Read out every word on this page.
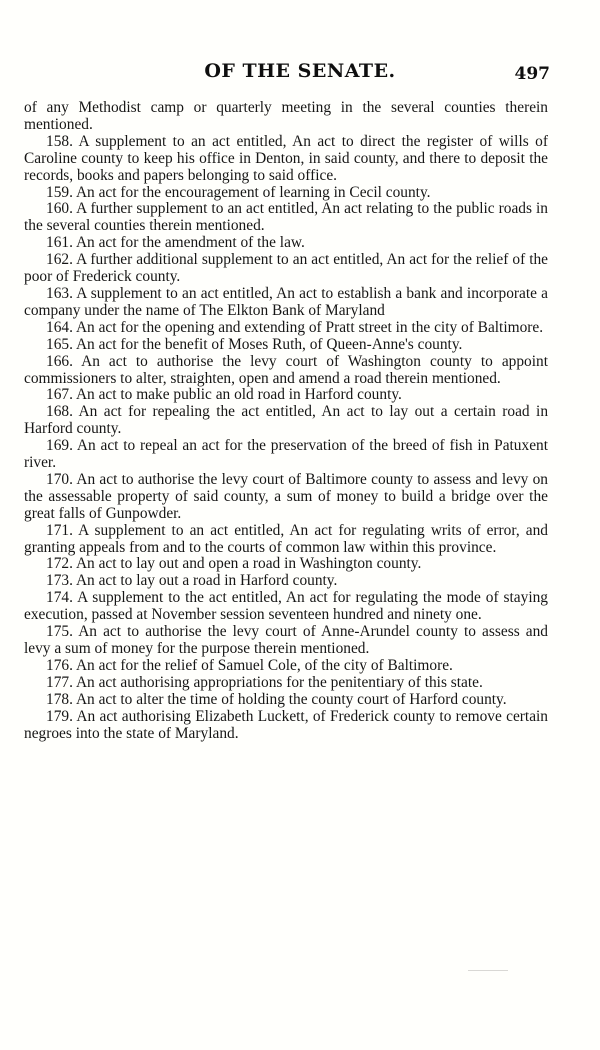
OF THE SENATE.	497

of any Methodist camp or quarterly meeting in the several counties therein mentioned.

158. A supplement to an act entitled, An act to direct the register of wills of Caroline county to keep his office in Denton, in said county, and there to deposit the records, books and papers belonging to said office.

159. An act for the encouragement of learning in Cecil county.

160. A further supplement to an act entitled, An act relating to the public roads in the several counties therein mentioned.

161. An act for the amendment of the law.

162. A further additional supplement to an act entitled, An act for the relief of the poor of Frederick county.

163. A supplement to an act entitled, An act to establish a bank and incorporate a company under the name of The Elkton Bank of Maryland

164. An act for the opening and extending of Pratt street in the city of Baltimore.

165. An act for the benefit of Moses Ruth, of Queen-Anne's county.

166. An act to authorise the levy court of Washington county to appoint commissioners to alter, straighten, open and amend a road therein mentioned.

167. An act to make public an old road in Harford county.

168. An act for repealing the act entitled, An act to lay out a certain road in Harford county.

169. An act to repeal an act for the preservation of the breed of fish in Patuxent river.

170. An act to authorise the levy court of Baltimore county to assess and levy on the assessable property of said county, a sum of money to build a bridge over the great falls of Gunpowder.

171. A supplement to an act entitled, An act for regulating writs of error, and granting appeals from and to the courts of common law within this province.

172. An act to lay out and open a road in Washington county.

173. An act to lay out a road in Harford county.

174. A supplement to the act entitled, An act for regulating the mode of staying execution, passed at November session seventeen hundred and ninety one.

175. An act to authorise the levy court of Anne-Arundel county to assess and levy a sum of money for the purpose therein mentioned.

176. An act for the relief of Samuel Cole, of the city of Baltimore.

177. An act authorising appropriations for the penitentiary of this state.

178. An act to alter the time of holding the county court of Harford county.

179. An act authorising Elizabeth Luckett, of Frederick county to remove certain negroes into the state of Maryland.
